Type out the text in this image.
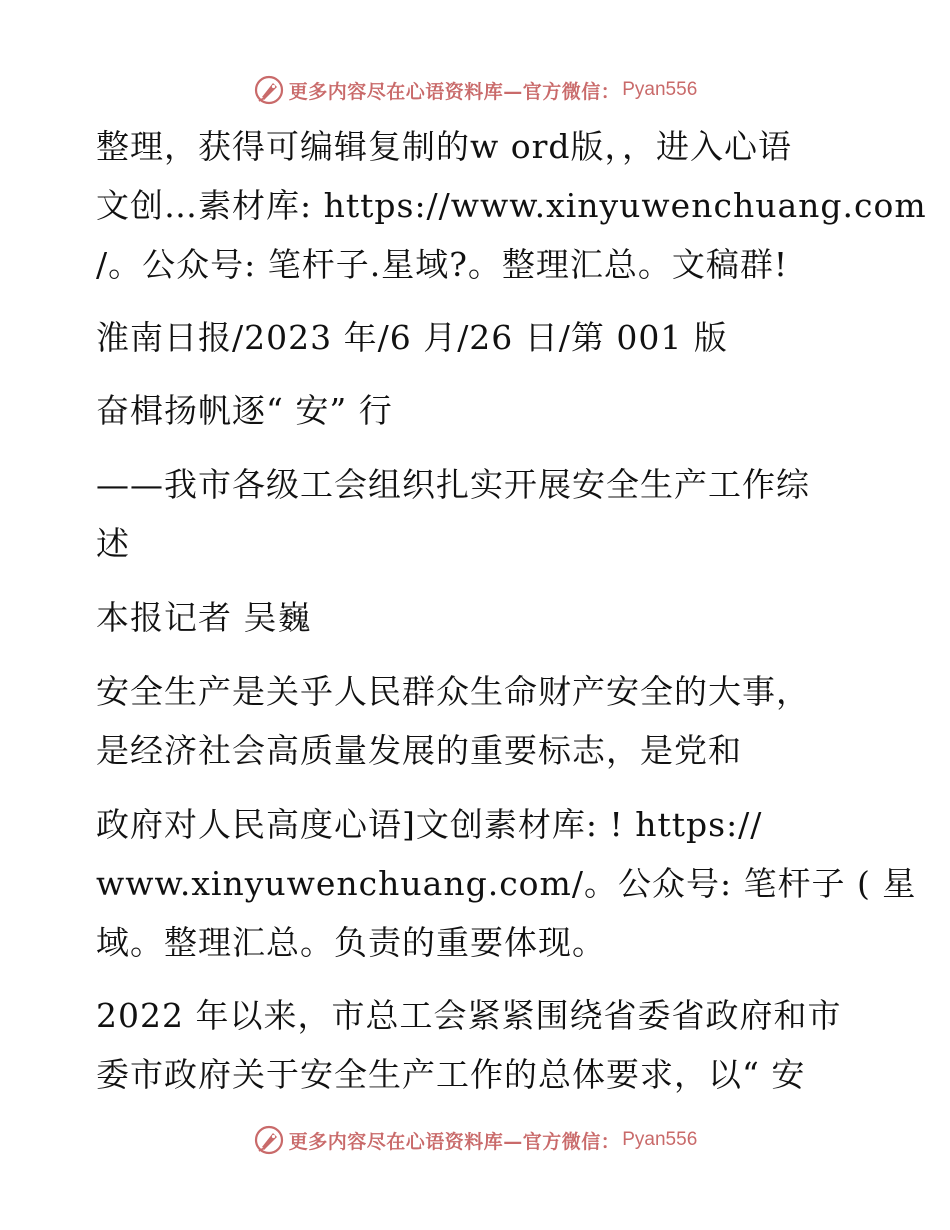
更多内容尽在心语资料库—官方微信： Pyan556
整理，获得可编辑复制的w ord版，，进入心语
文创…素材库: https://www.xinyuwenchuang.com
/。公众号: 笔杆子.星域?。整理汇总。文稿群!
淮南日报/2023 年/6 月/26 日/第 001 版
奋楫扬帆逐“ 安” 行
——我市各级工会组织扎实开展安全生产工作综
述
本报记者 吴巍
安全生产是关乎人民群众生命财产安全的大事，
是经济社会高质量发展的重要标志，是党和
政府对人民高度心语]文创素材库: ! https://
www.xinyuwenchuang.com/。公众号: 笔杆子 ( 星
域。整理汇总。负责的重要体现。
2022 年以来，市总工会紧紧围绕省委省政府和市
委市政府关于安全生产工作的总体要求，以“ 安
更多内容尽在心语资料库—官方微信： Pyan556
